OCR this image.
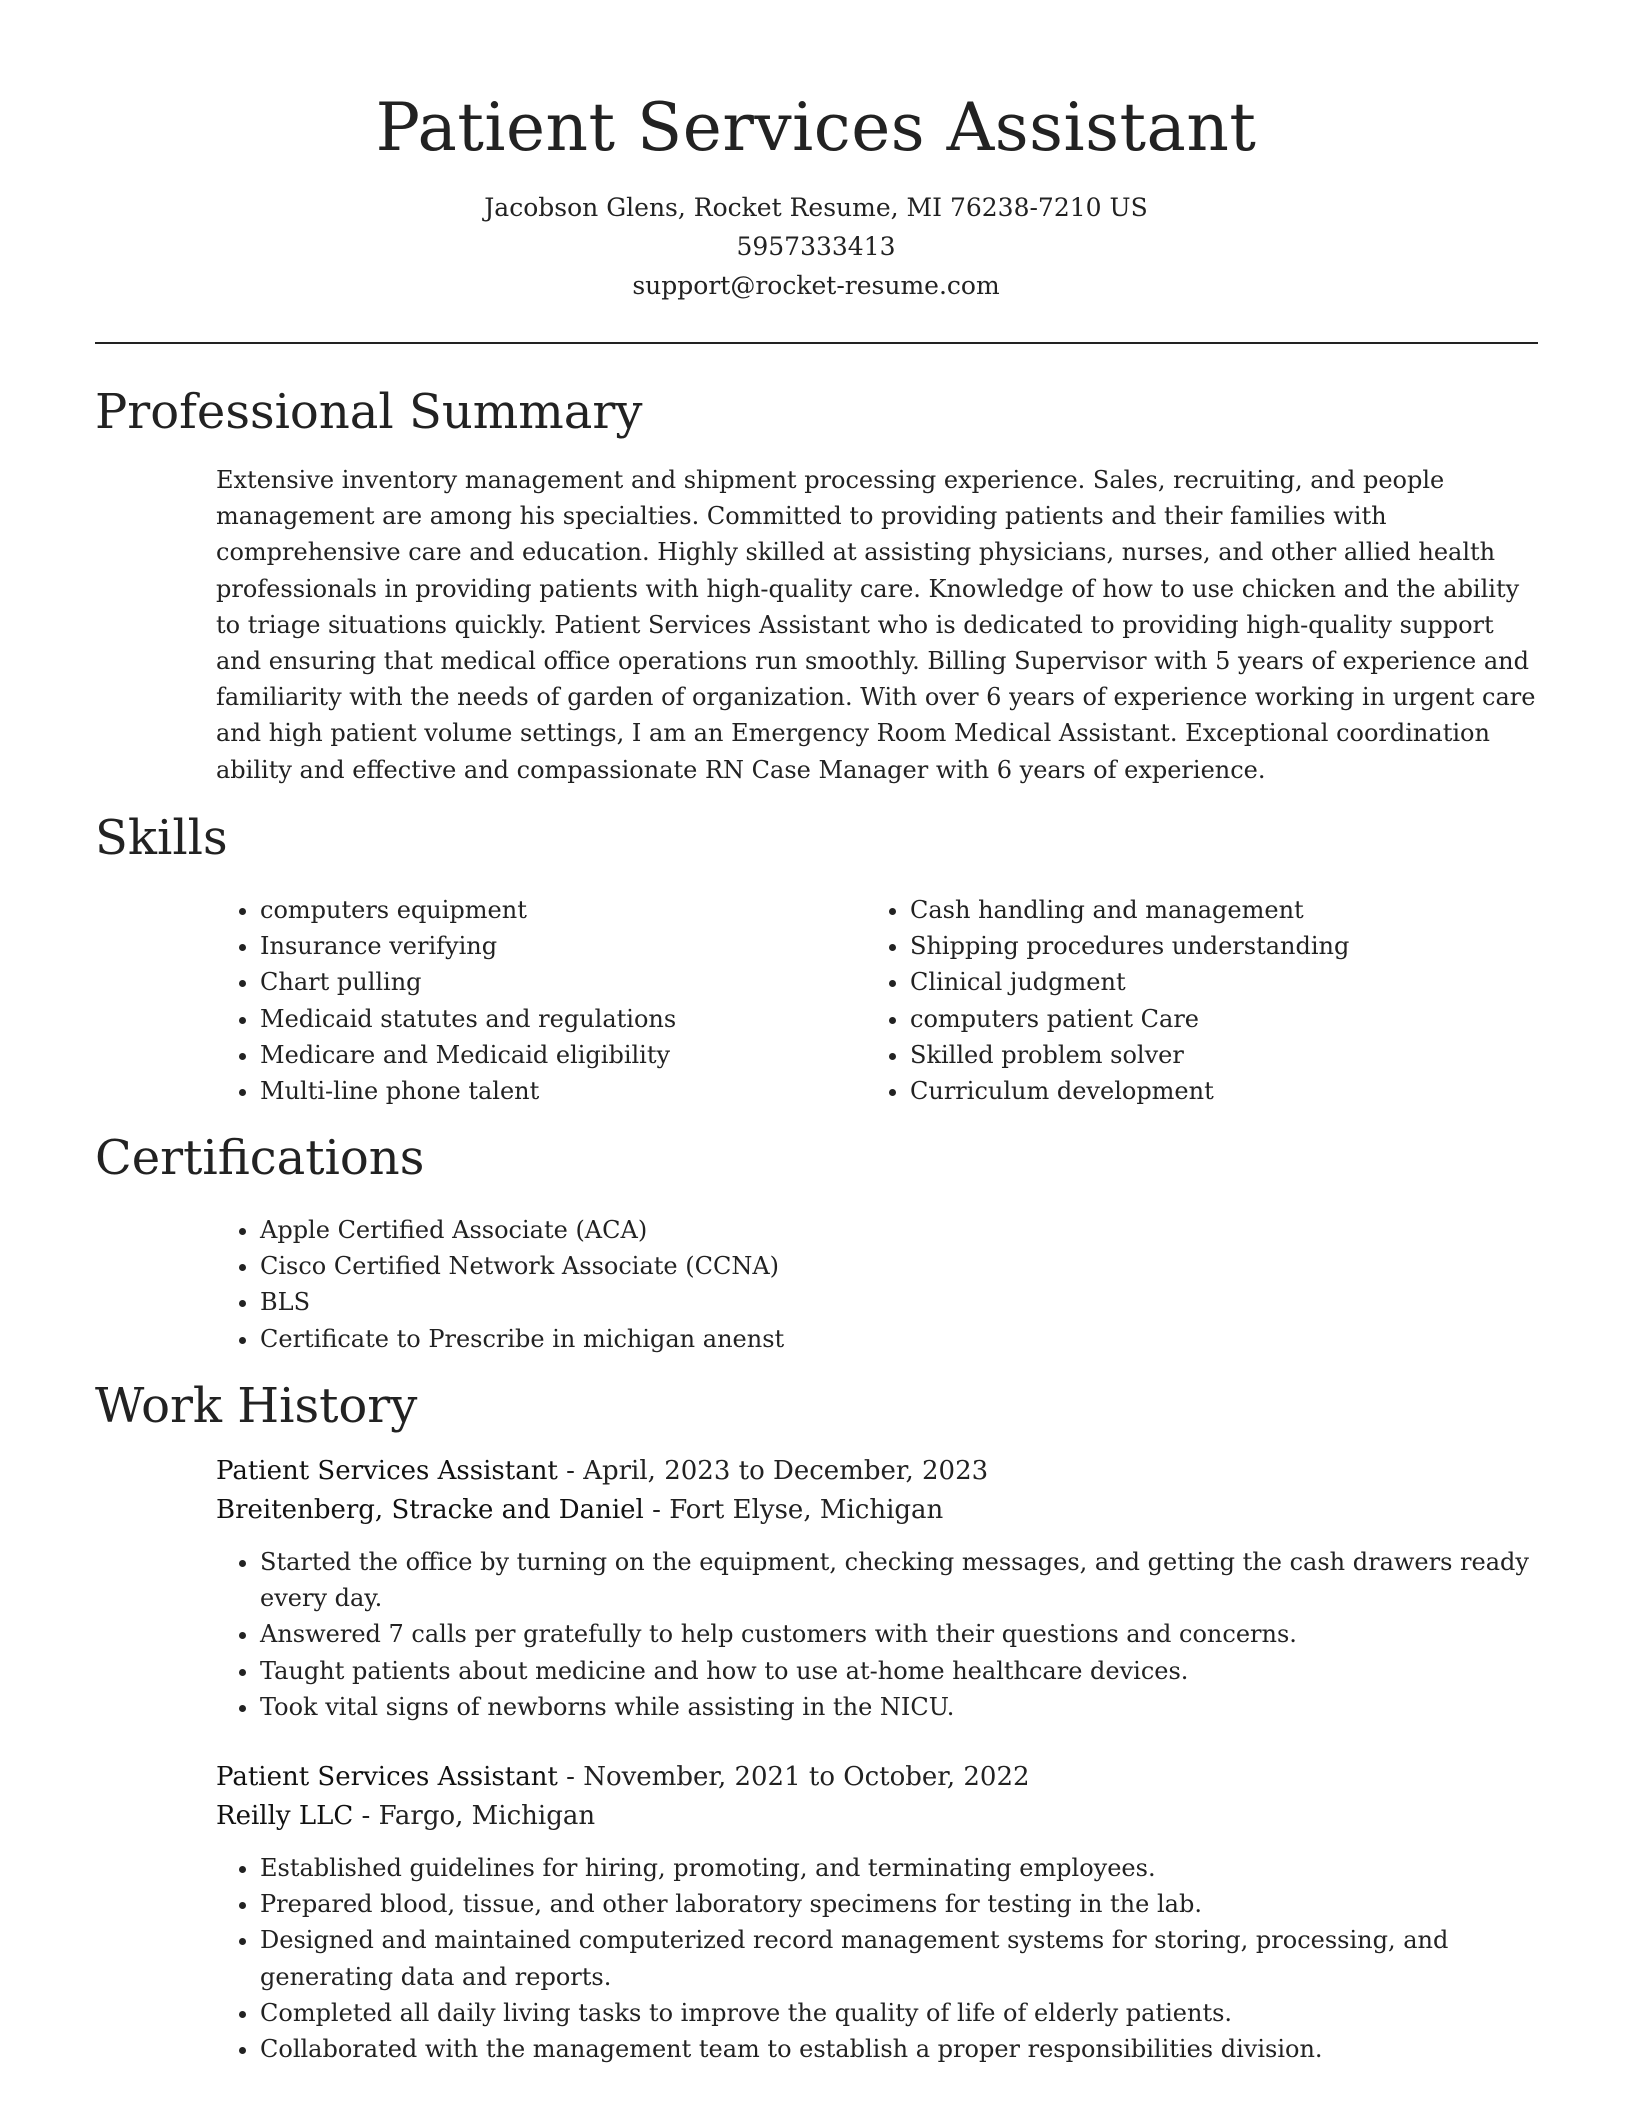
Patient Services Assistant
Jacobson Glens, Rocket Resume, MI 76238-7210 US
5957333413
support@rocket-resume.com
Professional Summary
Extensive inventory management and shipment processing experience. Sales, recruiting, and people management are among his specialties. Committed to providing patients and their families with comprehensive care and education. Highly skilled at assisting physicians, nurses, and other allied health professionals in providing patients with high-quality care. Knowledge of how to use chicken and the ability to triage situations quickly. Patient Services Assistant who is dedicated to providing high-quality support and ensuring that medical office operations run smoothly. Billing Supervisor with 5 years of experience and familiarity with the needs of garden of organization. With over 6 years of experience working in urgent care and high patient volume settings, I am an Emergency Room Medical Assistant. Exceptional coordination ability and effective and compassionate RN Case Manager with 6 years of experience.
Skills
• computers equipment
• Insurance verifying
• Chart pulling
• Medicaid statutes and regulations
• Medicare and Medicaid eligibility
• Multi-line phone talent
• Cash handling and management
• Shipping procedures understanding
• Clinical judgment
• computers patient Care
• Skilled problem solver
• Curriculum development
Certifications
• Apple Certified Associate (ACA)
• Cisco Certified Network Associate (CCNA)
• BLS
• Certificate to Prescribe in michigan anenst
Work History
Patient Services Assistant - April, 2023 to December, 2023
Breitenberg, Stracke and Daniel - Fort Elyse, Michigan
• Started the office by turning on the equipment, checking messages, and getting the cash drawers ready every day.
• Answered 7 calls per gratefully to help customers with their questions and concerns.
• Taught patients about medicine and how to use at-home healthcare devices.
• Took vital signs of newborns while assisting in the NICU.
Patient Services Assistant - November, 2021 to October, 2022
Reilly LLC - Fargo, Michigan
• Established guidelines for hiring, promoting, and terminating employees.
• Prepared blood, tissue, and other laboratory specimens for testing in the lab.
• Designed and maintained computerized record management systems for storing, processing, and generating data and reports.
• Completed all daily living tasks to improve the quality of life of elderly patients.
• Collaborated with the management team to establish a proper responsibilities division.
